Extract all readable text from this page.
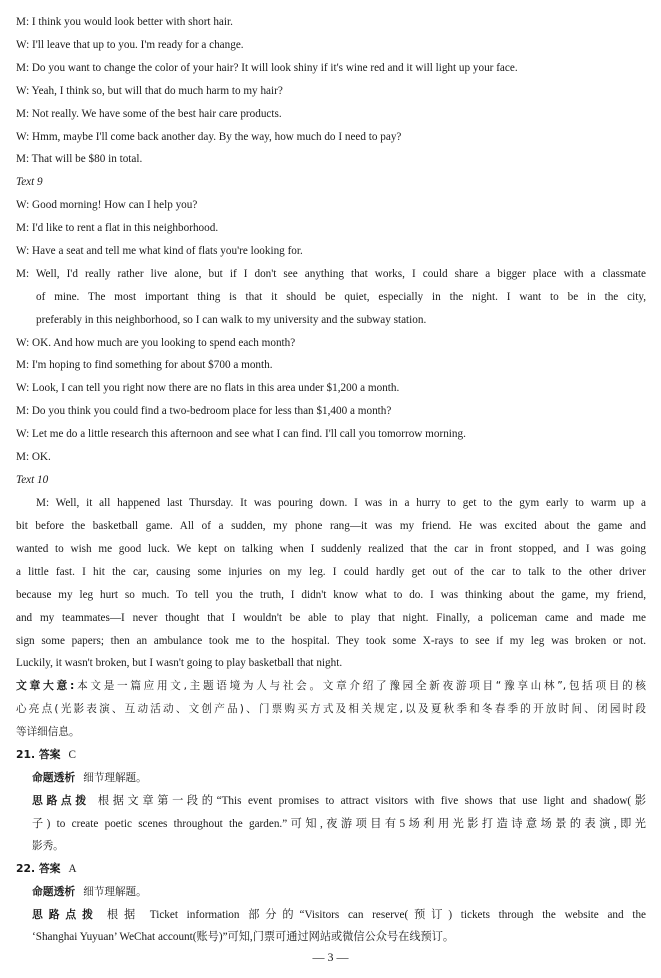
M: I think you would look better with short hair.
W: I'll leave that up to you. I'm ready for a change.
M: Do you want to change the color of your hair? It will look shiny if it's wine red and it will light up your face.
W: Yeah, I think so, but will that do much harm to my hair?
M: Not really. We have some of the best hair care products.
W: Hmm, maybe I'll come back another day. By the way, how much do I need to pay?
M: That will be $80 in total.
Text 9
W: Good morning! How can I help you?
M: I'd like to rent a flat in this neighborhood.
W: Have a seat and tell me what kind of flats you're looking for.
M: Well, I'd really rather live alone, but if I don't see anything that works, I could share a bigger place with a classmate
of mine. The most important thing is that it should be quiet, especially in the night. I want to be in the city,
preferably in this neighborhood, so I can walk to my university and the subway station.
W: OK. And how much are you looking to spend each month?
M: I'm hoping to find something for about $700 a month.
W: Look, I can tell you right now there are no flats in this area under $1,200 a month.
M: Do you think you could find a two-bedroom place for less than $1,400 a month?
W: Let me do a little research this afternoon and see what I can find. I'll call you tomorrow morning.
M: OK.
Text 10
M: Well, it all happened last Thursday. It was pouring down. I was in a hurry to get to the gym early to warm up a
bit before the basketball game. All of a sudden, my phone rang—it was my friend. He was excited about the game and
wanted to wish me good luck. We kept on talking when I suddenly realized that the car in front stopped, and I was going
a little fast. I hit the car, causing some injuries on my leg. I could hardly get out of the car to talk to the other driver
because my leg hurt so much. To tell you the truth, I didn't know what to do. I was thinking about the game, my friend,
and my teammates—I never thought that I wouldn't be able to play that night. Finally, a policeman came and made me
sign some papers; then an ambulance took me to the hospital. They took some X-rays to see if my leg was broken or not.
Luckily, it wasn't broken, but I wasn't going to play basketball that night.
文章大意:本文是一篇应用文,主题语境为人与社会。文章介绍了豫园全新夜游项目“豫享山林”,包括项目的核
心亮点(光影表演、互动活动、文创产品)、门票购买方式及相关规定,以及夏秋季和冬春季的开放时间、闭园时段
等详细信息。
21. 答案 C
命题透析 细节理解题。
思路点拨 根据文章第一段的“This event promises to attract visitors with five shows that use light and shadow(影
子) to create poetic scenes throughout the garden.”可知,夜游项目有5场利用光影打造诗意场景的表演,即光
影秀。
22. 答案 A
命题透析 细节理解题。
思路点拨 根据 Ticket information 部分的“Visitors can reserve(预订) tickets through the website and the
‘Shanghai Yuyuan’ WeChat account(账号)”可知,门票可通过网站或微信公众号在线预订。
— 3 —
